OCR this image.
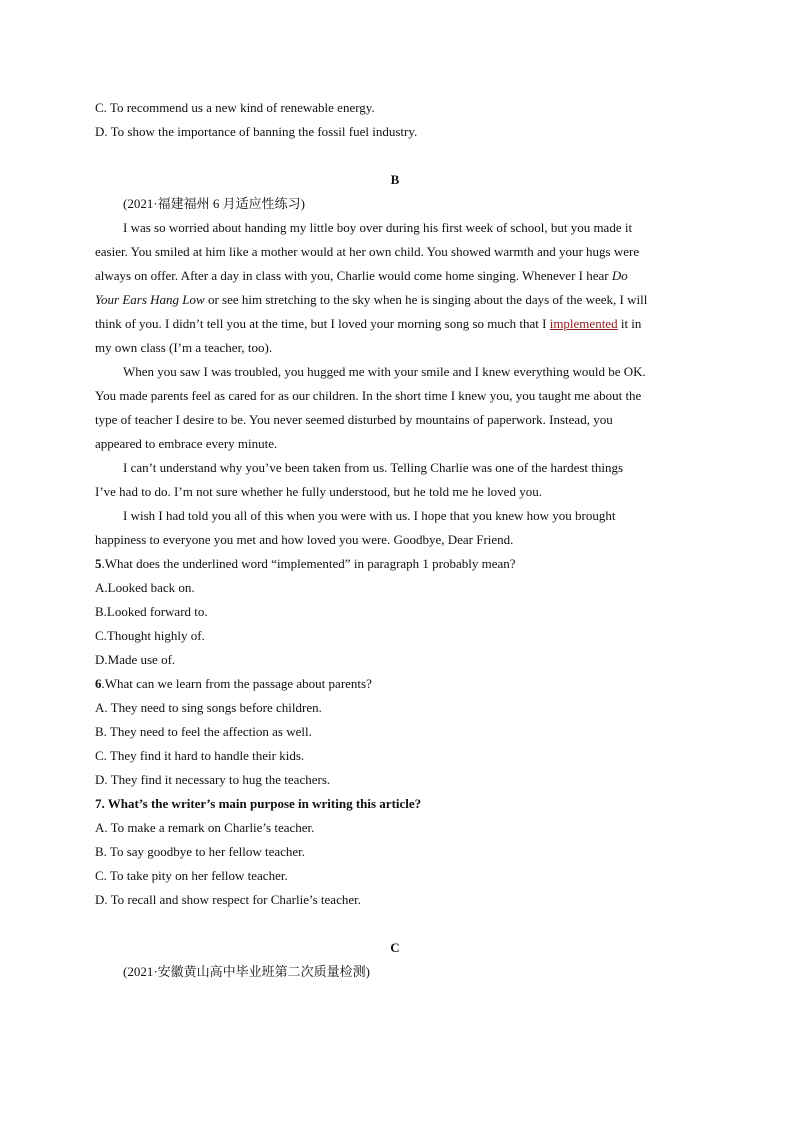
C. To recommend us a new kind of renewable energy.
D. To show the importance of banning the fossil fuel industry.
B
(2021·福建福州 6 月适应性练习)
I was so worried about handing my little boy over during his first week of school, but you made it
easier. You smiled at him like a mother would at her own child. You showed warmth and your hugs were
always on offer. After a day in class with you, Charlie would come home singing. Whenever I hear Do
Your Ears Hang Low or see him stretching to the sky when he is singing about the days of the week, I will
think of you. I didn’t tell you at the time, but I loved your morning song so much that I implemented it in
my own class (I’m a teacher, too).
When you saw I was troubled, you hugged me with your smile and I knew everything would be OK.
You made parents feel as cared for as our children. In the short time I knew you, you taught me about the
type of teacher I desire to be. You never seemed disturbed by mountains of paperwork. Instead, you
appeared to embrace every minute.
I can’t understand why you’ve been taken from us. Telling Charlie was one of the hardest things
I’ve had to do. I’m not sure whether he fully understood, but he told me he loved you.
I wish I had told you all of this when you were with us. I hope that you knew how you brought
happiness to everyone you met and how loved you were. Goodbye, Dear Friend.
5.What does the underlined word “implemented” in paragraph 1 probably mean?
A.Looked back on.
B.Looked forward to.
C.Thought highly of.
D.Made use of.
6.What can we learn from the passage about parents?
A. They need to sing songs before children.
B. They need to feel the affection as well.
C. They find it hard to handle their kids.
D. They find it necessary to hug the teachers.
7. What’s the writer’s main purpose in writing this article?
A. To make a remark on Charlie’s teacher.
B. To say goodbye to her fellow teacher.
C. To take pity on her fellow teacher.
D. To recall and show respect for Charlie’s teacher.
C
(2021·安徽黄山高中毕业班第二次质量检测)
